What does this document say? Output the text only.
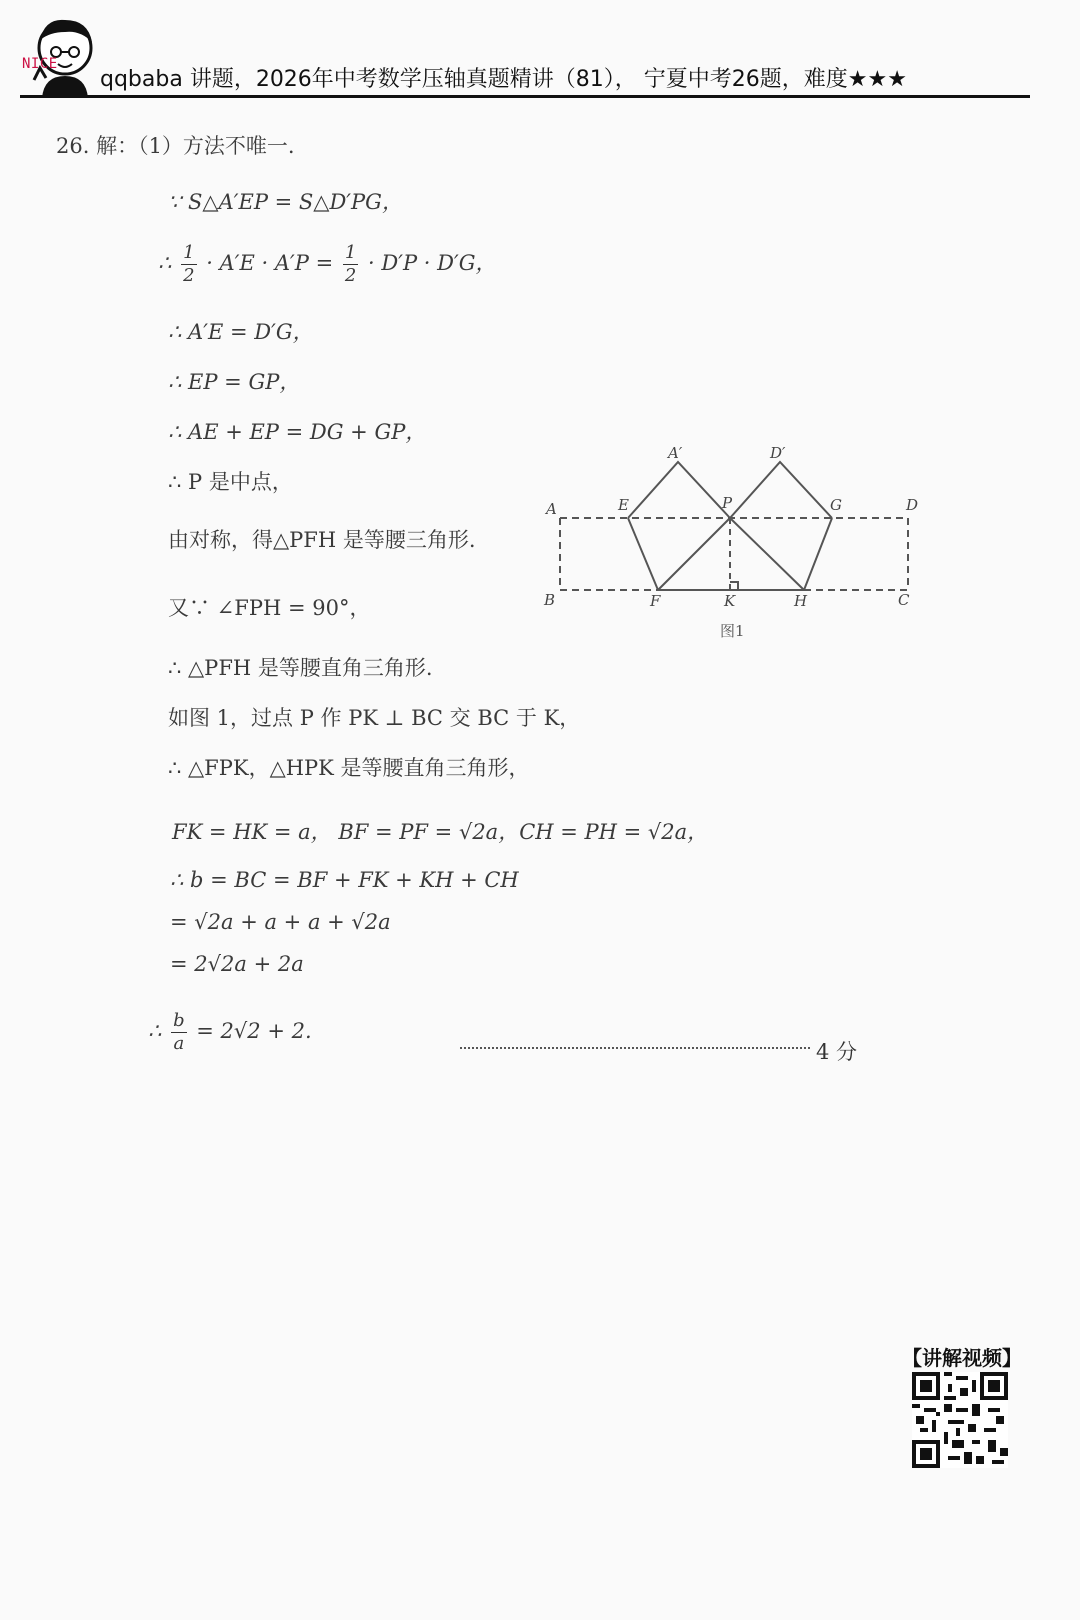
NICE
qqbaba 讲题，2026年中考数学压轴真题精讲（81）， 宁夏中考26题，难度★★★
26. 解：（1）方法不唯一.
∵ S△A′EP = S△D′PG，
∴ $\frac{1}{2} \cdot A'E \cdot A'P = \frac{1}{2} \cdot D'P \cdot D'G$，
∴ A′E = D′G，
∴ EP = GP，
∴ AE + EP = DG + GP，
∴ P 是中点，
由对称，得△PFH 是等腰三角形.
又∵ ∠FPH = 90°，
∴ △PFH 是等腰直角三角形.
如图 1，过点 P 作 PK ⊥ BC 交 BC 于 K，
∴ △FPK，△HPK 是等腰直角三角形，
FK = HK = a， BF = PF = √2a，CH = PH = √2a，
∴ b = BC = BF + FK + KH + CH
= √2a + a + a + √2a
= 2√2a + 2a
∴ $\frac{b}{a} = 2√2 + 2$.
4 分
A
B	C
D
E
F
G
H
K
P
A′	D′
图1
【讲解视频】
